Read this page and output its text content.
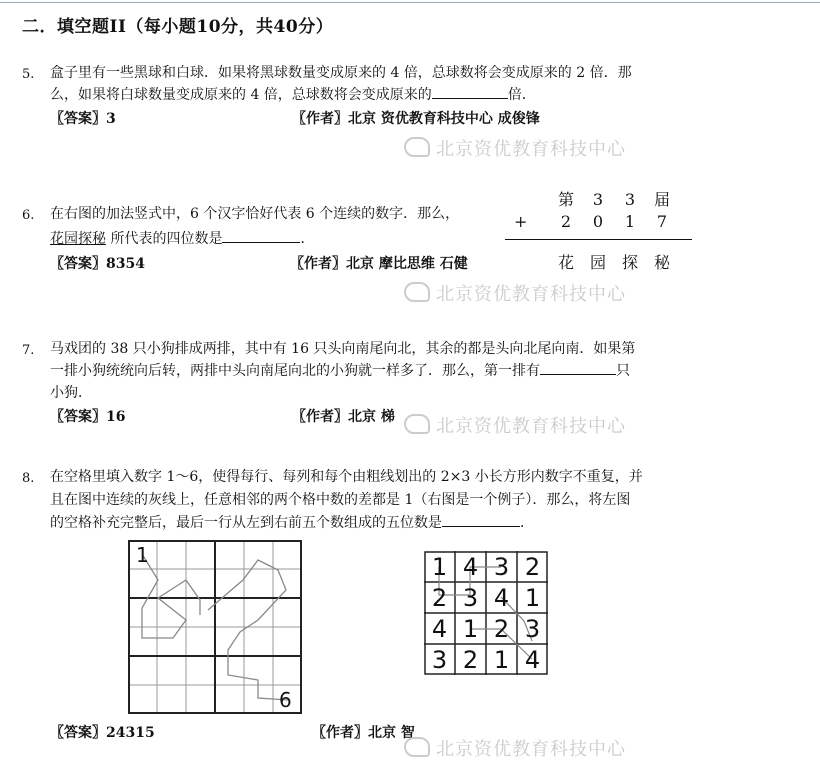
二．填空题II（每小题10分，共40分）
5. 盒子里有一些黑球和白球．如果将黑球数量变成原来的 4 倍，总球数将会变成原来的 2 倍．那
么，如果将白球数量变成原来的 4 倍，总球数将会变成原来的	倍．
〖答案〗3	〖作者〗北京 资优教育科技中心 成俊锋
北京资优教育科技中心
6. 在右图的加法竖式中，6 个汉字恰好代表 6 个连续的数字．那么，
花园探秘 所代表的四位数是	．
〖答案〗8354	〖作者〗北京 摩比思维 石健
第 3 3 届
+	2 0 1 7
花 园 探 秘
北京资优教育科技中心
7. 马戏团的 38 只小狗排成两排，其中有 16 只头向南尾向北，其余的都是头向北尾向南．如果第
一排小狗统统向后转，两排中头向南尾向北的小狗就一样多了．那么，第一排有	只
小狗．
〖答案〗16	〖作者〗北京 梯	北京资优教育科技中心
8. 在空格里填入数字 1～6，使得每行、每列和每个由粗线划出的 2×3 小长方形内数字不重复，并
且在图中连续的灰线上，任意相邻的两个格中数的差都是 1（右图是一个例子）．那么，将左图
的空格补充完整后，最后一行从左到右前五个数组成的五位数是	．
1
6
1 4 3 2
2 3 4 1
4 1 2 3
3 2 1 4
〖答案〗24315	〖作者〗北京 智
北京资优教育科技中心
